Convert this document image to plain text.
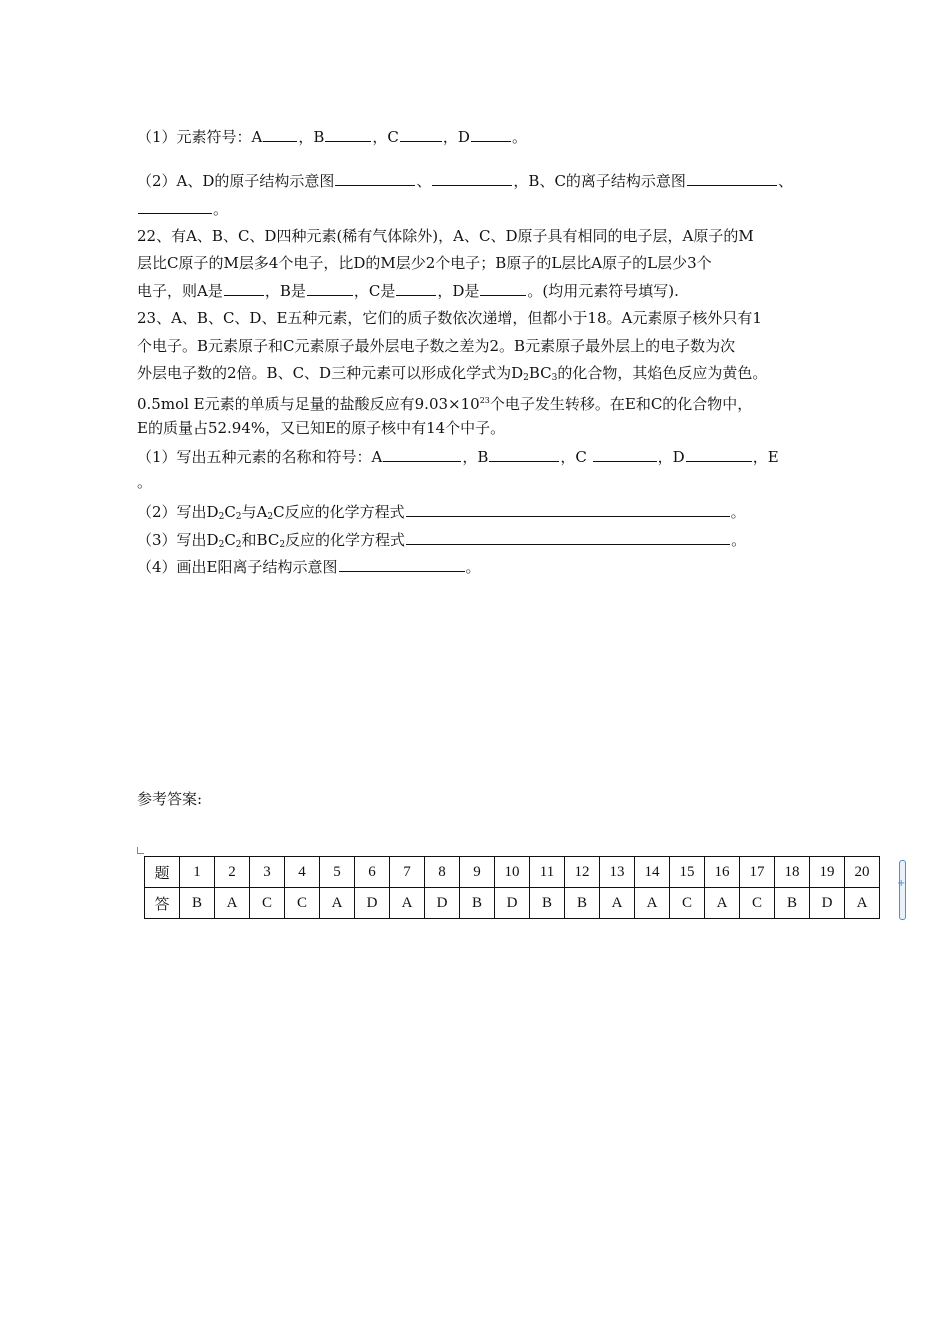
（1）元素符号：A ，B	，C	，D	。
（2）A、D的原子结构示意图	、	，B、C的离子结构示意图	、
。
22、有A、B、C、D四种元素(稀有气体除外)，A、C、D原子具有相同的电子层，A原子的M
层比C原子的M层多4个电子，比D的M层少2个电子；B原子的L层比A原子的L层少3个
电子，则A是	，B是	，C是	，D是	。(均用元素符号填写).
23、A、B、C、D、E五种元素，它们的质子数依次递增，但都小于18。A元素原子核外只有1
个电子。B元素原子和C元素原子最外层电子数之差为2。B元素原子最外层上的电子数为次
外层电子数的2倍。B、C、D三种元素可以形成化学式为$D_2BC_3$的化合物，其焰色反应为黄色。
0.5mol E元素的单质与足量的盐酸反应有$9.03\times 10^{23}$个电子发生转移。在E和C的化合物中，
E的质量占52.94%，又已知E的原子核中有14个中子。
（1）写出五种元素的名称和符号：A	，B	，C	，D	，E
。
（2）写出$D_2C_2$与$A_2C$反应的化学方程式	。
（3）写出$D_2C_2$和$BC_2$反应的化学方程式	。
（4）画出E阳离子结构示意图	。
参考答案:
题	1	2	3	4	5	6	7	8	9	10	11	12	13	14	15	16	17	18	19	20
答	B	A	C	C	A	D	A	D	B	D	B	B	A	A	C	A	C	B	D	A
+
